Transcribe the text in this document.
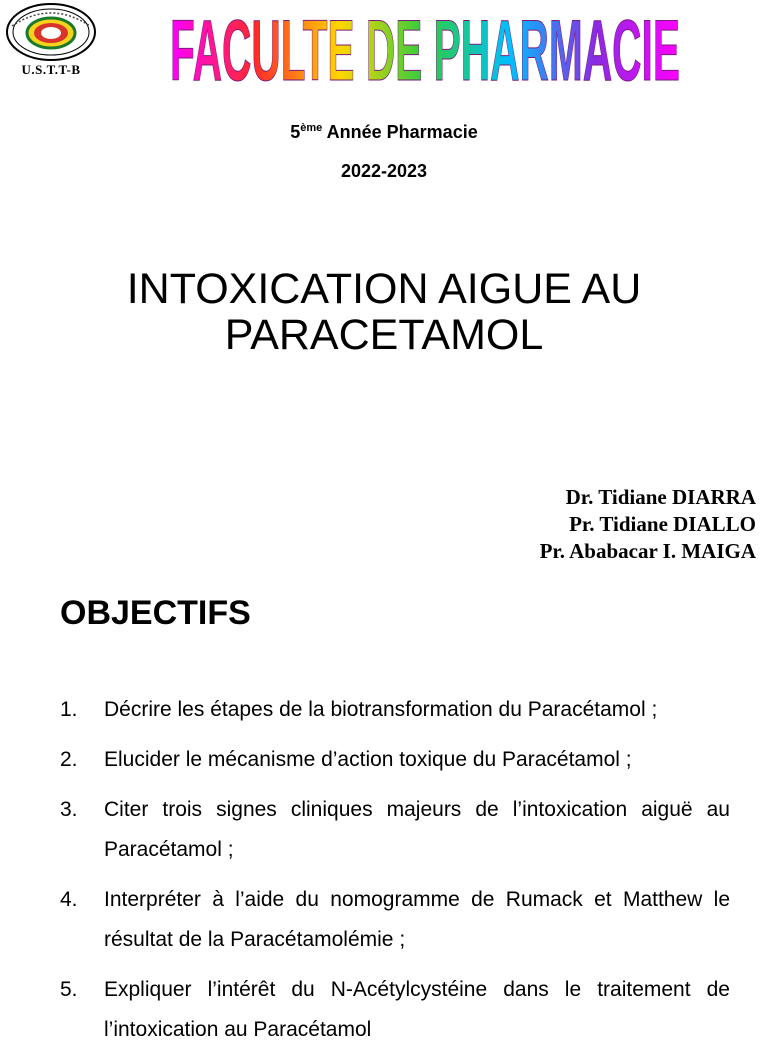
U.S.T.T-B FACULTE DE PHARMACIE
5ème Année Pharmacie
2022-2023
INTOXICATION AIGUE AU
PARACETAMOL
Dr. Tidiane DIARRA
Pr. Tidiane DIALLO
Pr. Ababacar I. MAIGA
OBJECTIFS
1.	Décrire les étapes de la biotransformation du Paracétamol ;
2.	Elucider le mécanisme d’action toxique du Paracétamol ;
3.	Citer trois signes cliniques majeurs de l’intoxication aiguë au Paracétamol ;
4.	Interpréter à l’aide du nomogramme de Rumack et Matthew le résultat de la Paracétamolémie ;
5.	Expliquer l’intérêt du N-Acétylcystéine dans le traitement de l’intoxication au Paracétamol
